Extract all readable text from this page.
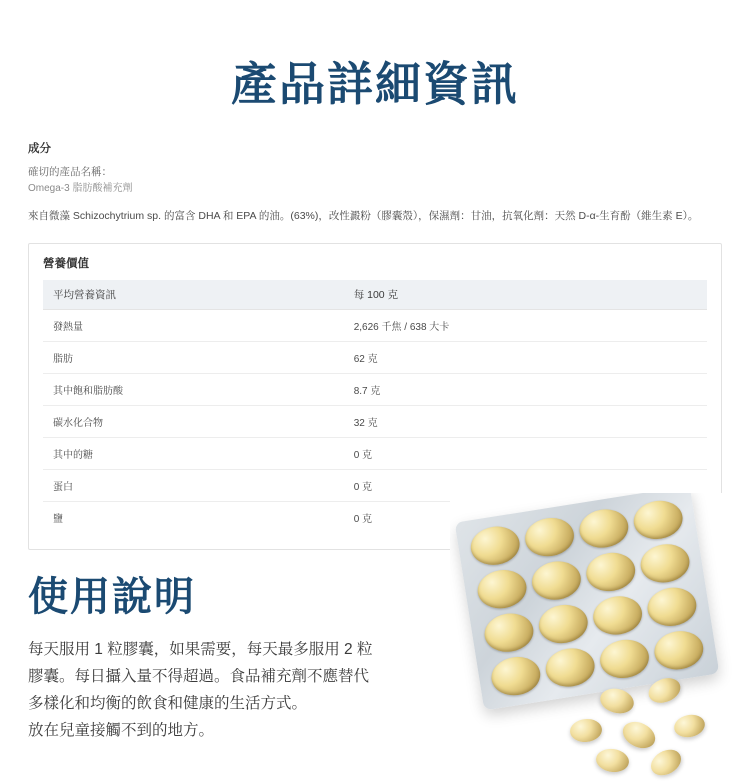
產品詳細資訊
成分
確切的產品名稱：
Omega-3 脂肪酸補充劑
來自微藻 Schizochytrium sp. 的富含 DHA 和 EPA 的油。(63%)，改性澱粉（膠囊殼），保濕劑：甘油，抗氧化劑：天然 D-α-生育酚（維生素 E）。
營養價值
平均營養資訊	每 100 克
發熱量	2,626 千焦 / 638 大卡
脂肪	62 克
其中飽和脂肪酸	8.7 克
碳水化合物	32 克
其中的糖	0 克
蛋白	0 克
鹽	0 克
使用說明
每天服用 1 粒膠囊，如果需要，每天最多服用 2 粒
膠囊。每日攝入量不得超過。食品補充劑不應替代
多樣化和均衡的飲食和健康的生活方式。
放在兒童接觸不到的地方。
